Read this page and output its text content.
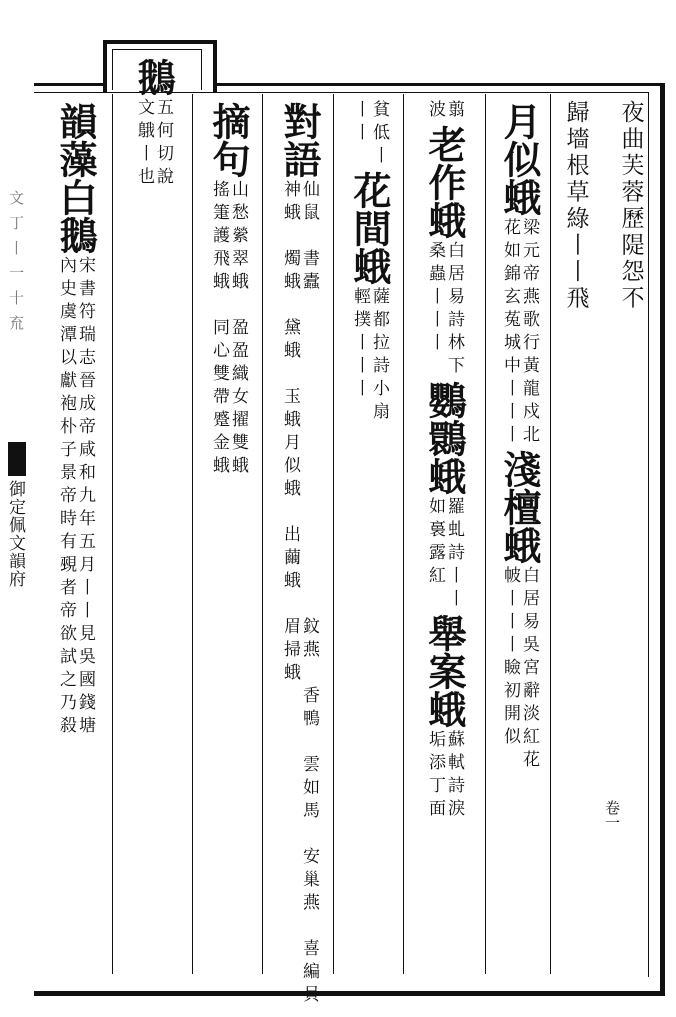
文丁丨一十㐬
御定佩文韻府
夜曲芙蓉歷隄怨不
歸墻根草綠丨丨飛
月似蛾
梁元帝燕歌行黃龍戍北
花如錦玄菟城中丨丨丨
淺檀蛾
白居易吳宮辭淡紅花
帔丨丨丨瞼初開似
翦
波
老作蛾
白居易詩林下
桑蟲丨丨丨
鸚䴉蛾
羅虬詩丨丨
如裛露紅
舉案蛾
蘇軾詩淚
垢添丁面
貧低丨
丨丨
花間蛾
薩都拉詩小扇
輕撲丨丨丨
對語
仙鼠　書蠹　　　　　
神蛾　燭蛾　黛蛾　玉蛾
　　　　　　　　鈫燕　香鴨　雲如馬　安巢燕　喜編貝
月似蛾　出繭蛾　眉掃蛾
摘句
山愁縈翠蛾　盈盈織女擢雙蛾
搖箑護飛蛾　同心雙帶蹙金蛾
鵝
五何切說
文䳘丨也
韻藻白鵝
宋書符瑞志晉成帝咸和九年五月丨丨見吳國錢塘
內史虞潭以獻袍朴子景帝時有覡者帝欲試之乃殺
卷一
